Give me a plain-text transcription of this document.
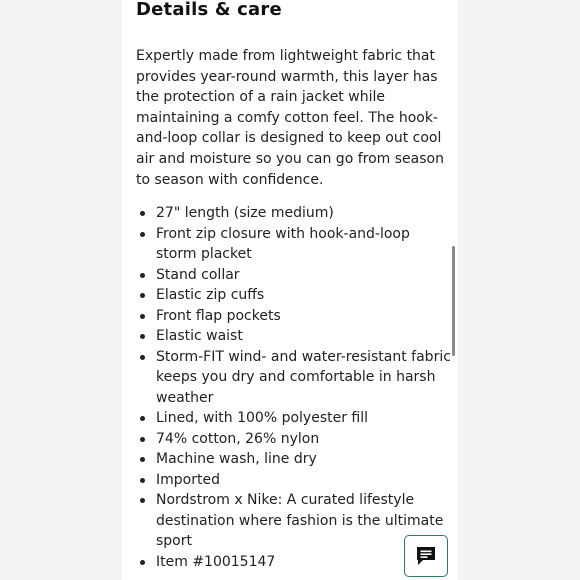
Details & care

Expertly made from lightweight fabric that provides year-round warmth, this layer has the protection of a rain jacket while maintaining a comfy cotton feel. The hook-and-loop collar is designed to keep out cool air and moisture so you can go from season to season with confidence.

27" length (size medium)
Front zip closure with hook-and-loop storm placket
Stand collar
Elastic zip cuffs
Front flap pockets
Elastic waist
Storm-FIT wind- and water-resistant fabric keeps you dry and comfortable in harsh weather
Lined, with 100% polyester fill
74% cotton, 26% nylon
Machine wash, line dry
Imported
Nordstrom x Nike: A curated lifestyle destination where fashion is the ultimate sport
Item #10015147
